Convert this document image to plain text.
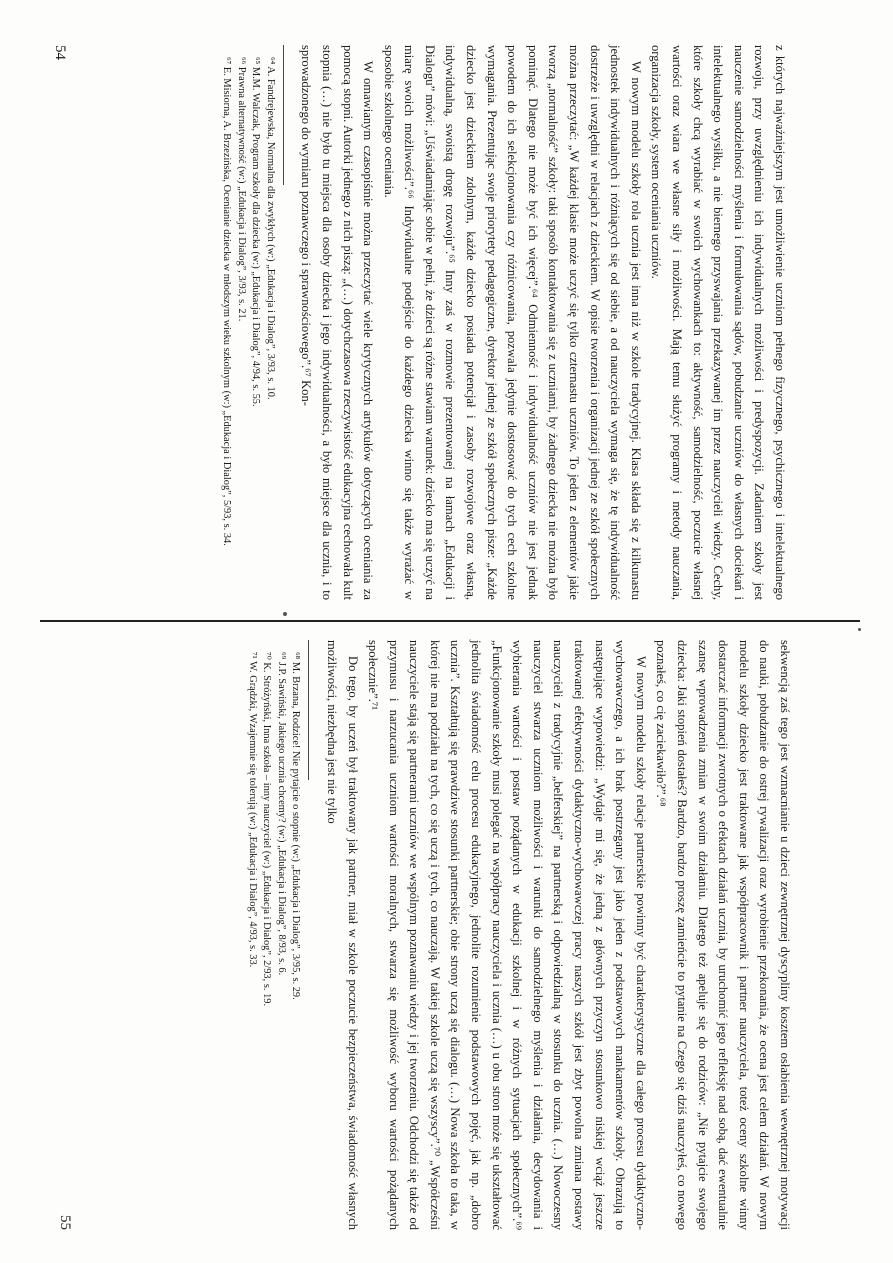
z których najważniejszym jest umożliwienie uczniom pełnego fizycznego, psychicznego i intelektualnego rozwoju, przy uwzględnieniu ich indywidualnych możliwości i predyspozycji. Zadaniem szkoły jest nauczenie samodzielności myślenia i formułowania sądów, pobudzanie uczniów do własnych dociekań i intelektualnego wysiłku, a nie biernego przyswajania przekazywanej im przez nauczycieli wiedzy. Cechy, które szkoły chcą wyrabiać w swoich wychowankach to: aktywność, samodzielność, poczucie własnej wartości oraz wiara we własne siły i możliwości. Mają temu służyć programy i metody nauczania, organizacja szkoły, system oceniania uczniów.

W nowym modelu szkoły rola ucznia jest inna niż w szkole tradycyjnej. Klasa składa się z kilkunastu jednostek indywidualnych i różniących się od siebie, a od nauczyciela wymaga się, że tę indywidualność dostrzeże i uwzględni w relacjach z dzieckiem. W opisie tworzenia i organizacji jednej ze szkół społecznych można przeczytać: „W każdej klasie może uczyć się tylko czternastu uczniów. To jeden z elementów jakie tworzą „normalność” szkoły: taki sposób kontaktowania się z uczniami, by żadnego dziecka nie można było pominąć. Dlatego nie może być ich więcej”.⁶⁴ Odmienność i indywidualność uczniów nie jest jednak powodem do ich selekcjonowania czy różnicowania, pozwala jedynie dostosować do tych cech szkolne wymagania. Prezentując swoje priorytety pedagogiczne, dyrektor jednej ze szkół społecznych pisze: „Każde dziecko jest dzieckiem zdolnym, każde dziecko posiada potencjał i zasoby rozwojowe oraz własną, indywidualną, swoistą drogę rozwoju”.⁶⁵ Inny zaś w rozmowie prezentowanej na łamach „Edukacji i Dialogu” mówi: „Uświadamiając sobie w pełni, że dzieci są różne stawiam warunek: dziecko ma się uczyć na miarę swoich możliwości”.⁶⁶ Indywidualne podejście do każdego dziecka winno się także wyrażać w sposobie szkolnego oceniania.

W omawianym czasopiśmie można przeczytać wiele krytycznych artykułów dotyczących oceniania za pomocą stopni. Autorki jednego z nich piszą: „(…) dotychczasowa rzeczywistość edukacyjna cechowała kult stopnia (…) nie było tu miejsca dla osoby dziecka i jego indywidualności, a było miejsce dla ucznia, i to sprowadzonego do wymiaru poznawczego i sprawnościowego”.⁶⁷ Kon-

⁶⁴ A. Fandrejewska, Normalna dla zwykłych (w:) „Edukacja i Dialog”, 3/93, s. 10.
⁶⁵ M.M. Walczak, Program szkoły dla dziecka (w:) „Edukacja i Dialog”, 4/94, s. 55.
⁶⁶ Prawna alternatywność (w:) „Edukacja i Dialog”, 3/93, s. 21.
⁶⁷ E. Misiorna, A. Brzezińska, Ocenianie dziecka w młodszym wieku szkolnym (w:) „Edukacja i Dialog”, 5/93, s. 34.
54

sekwencją zaś tego jest wzmacnianie u dzieci zewnętrznej dyscypliny kosztem osłabienia wewnętrznej motywacji do nauki, pobudzanie do ostrej rywalizacji oraz wyrobienie przekonania, że ocena jest celem działań. W nowym modelu szkoły dziecko jest traktowane jak współpracownik i partner nauczyciela, toteż oceny szkolne winny dostarczać informacji zwrotnych o efektach działań ucznia, by uruchomić jego refleksję nad sobą, dać ewentualnie szansę wprowadzenia zmian w swoim działaniu. Dlatego też apeluje się do rodziców: „Nie pytajcie swojego dziecka: Jaki stopień dostałeś? Bardzo, bardzo proszę zamieńcie to pytanie na Czego się dziś nauczyłeś, co nowego poznałeś, co cię zaciekawiło?”.⁶⁸

W nowym modelu szkoły relacje partnerskie powinny być charakterystyczne dla całego procesu dydaktyczno-wychowawczego, a ich brak postrzegany jest jako jeden z podstawowych mankamentów szkoły. Obrazują to następujące wypowiedzi: „Wydaje mi się, że jedną z głównych przyczyn stosunkowo niskiej wciąż jeszcze traktowanej efektywności dydaktyczno-wychowawczej pracy naszych szkół jest zbyt powolna zmiana postawy nauczycieli z tradycyjnie „belferskiej” na partnerską i odpowiedzialną w stosunku do ucznia. (…) Nowoczesny nauczyciel stwarza uczniom możliwości i warunki do samodzielnego myślenia i działania, decydowania i wybierania wartości i postaw pożądanych w edukacji szkolnej i w różnych sytuacjach społecznych”.⁶⁹ „Funkcjonowanie szkoły musi polegać na współpracy nauczyciela i ucznia (…) u obu stron może się ukształtować jednolita świadomość celu procesu edukacyjnego, jednolite rozumienie podstawowych pojęć, jak np. „dobro ucznia”. Kształtują się prawdziwe stosunki partnerskie; obie strony uczą się dialogu. (…) Nowa szkoła to taka, w której nie ma podziału na tych, co się uczą i tych, co nauczają. W takiej szkole uczą się wszyscy”.⁷⁰ „Współcześni nauczyciele stają się partnerami uczniów we wspólnym poznawaniu wiedzy i jej tworzeniu. Odchodzi się także od przymusu i narzucania uczniom wartości moralnych, stwarza się możliwość wyboru wartości pożądanych społecznie”.⁷¹

Do tego, by uczeń był traktowany jak partner, miał w szkole poczucie bezpieczeństwa, świadomość własnych możliwości, niezbędna jest nie tylko

⁶⁸ M. Brzana, Rodzice! Nie pytajcie o stopnie (w:) „Edukacja i Dialog”, 3/95, s. 29.
⁶⁹ J.P. Sawiński, Jakiego ucznia chcemy? (w:) „Edukacja i Dialog”, 8/93, s. 6.
⁷⁰ K. Stróżyński, Inna szkoła – inny nauczyciel (w:) „Edukacja i Dialog”, 2/93, s. 19.
⁷¹ W. Grądzki, Wzajemnie się tolerują (w:) „Edukacja i Dialog”, 4/93, s. 33.
55
